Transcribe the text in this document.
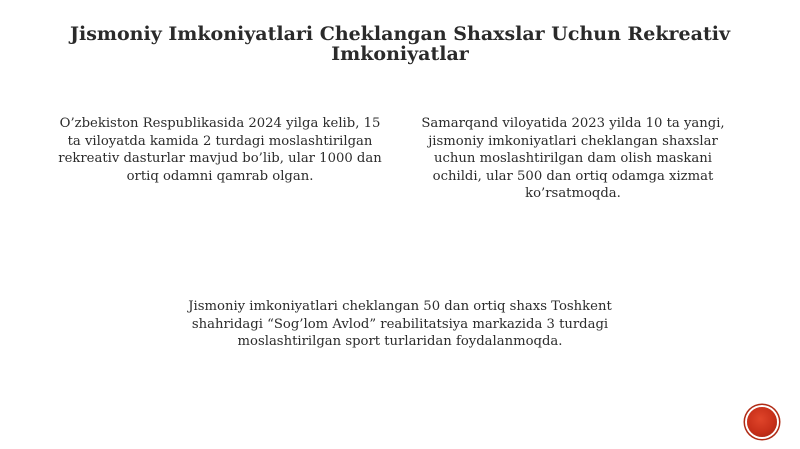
Jismoniy Imkoniyatlari Cheklangan Shaxslar Uchun Rekreativ Imkoniyatlar

O’zbekiston Respublikasida 2024 yilga kelib, 15 ta viloyatda kamida 2 turdagi moslashtirilgan rekreativ dasturlar mavjud bo’lib, ular 1000 dan ortiq odamni qamrab olgan.

Samarqand viloyatida 2023 yilda 10 ta yangi, jismoniy imkoniyatlari cheklangan shaxslar uchun moslashtirilgan dam olish maskani ochildi, ular 500 dan ortiq odamga xizmat ko’rsatmoqda.

Jismoniy imkoniyatlari cheklangan 50 dan ortiq shaxs Toshkent shahridagi “Sog’lom Avlod” reabilitatsiya markazida 3 turdagi moslashtirilgan sport turlaridan foydalanmoqda.
